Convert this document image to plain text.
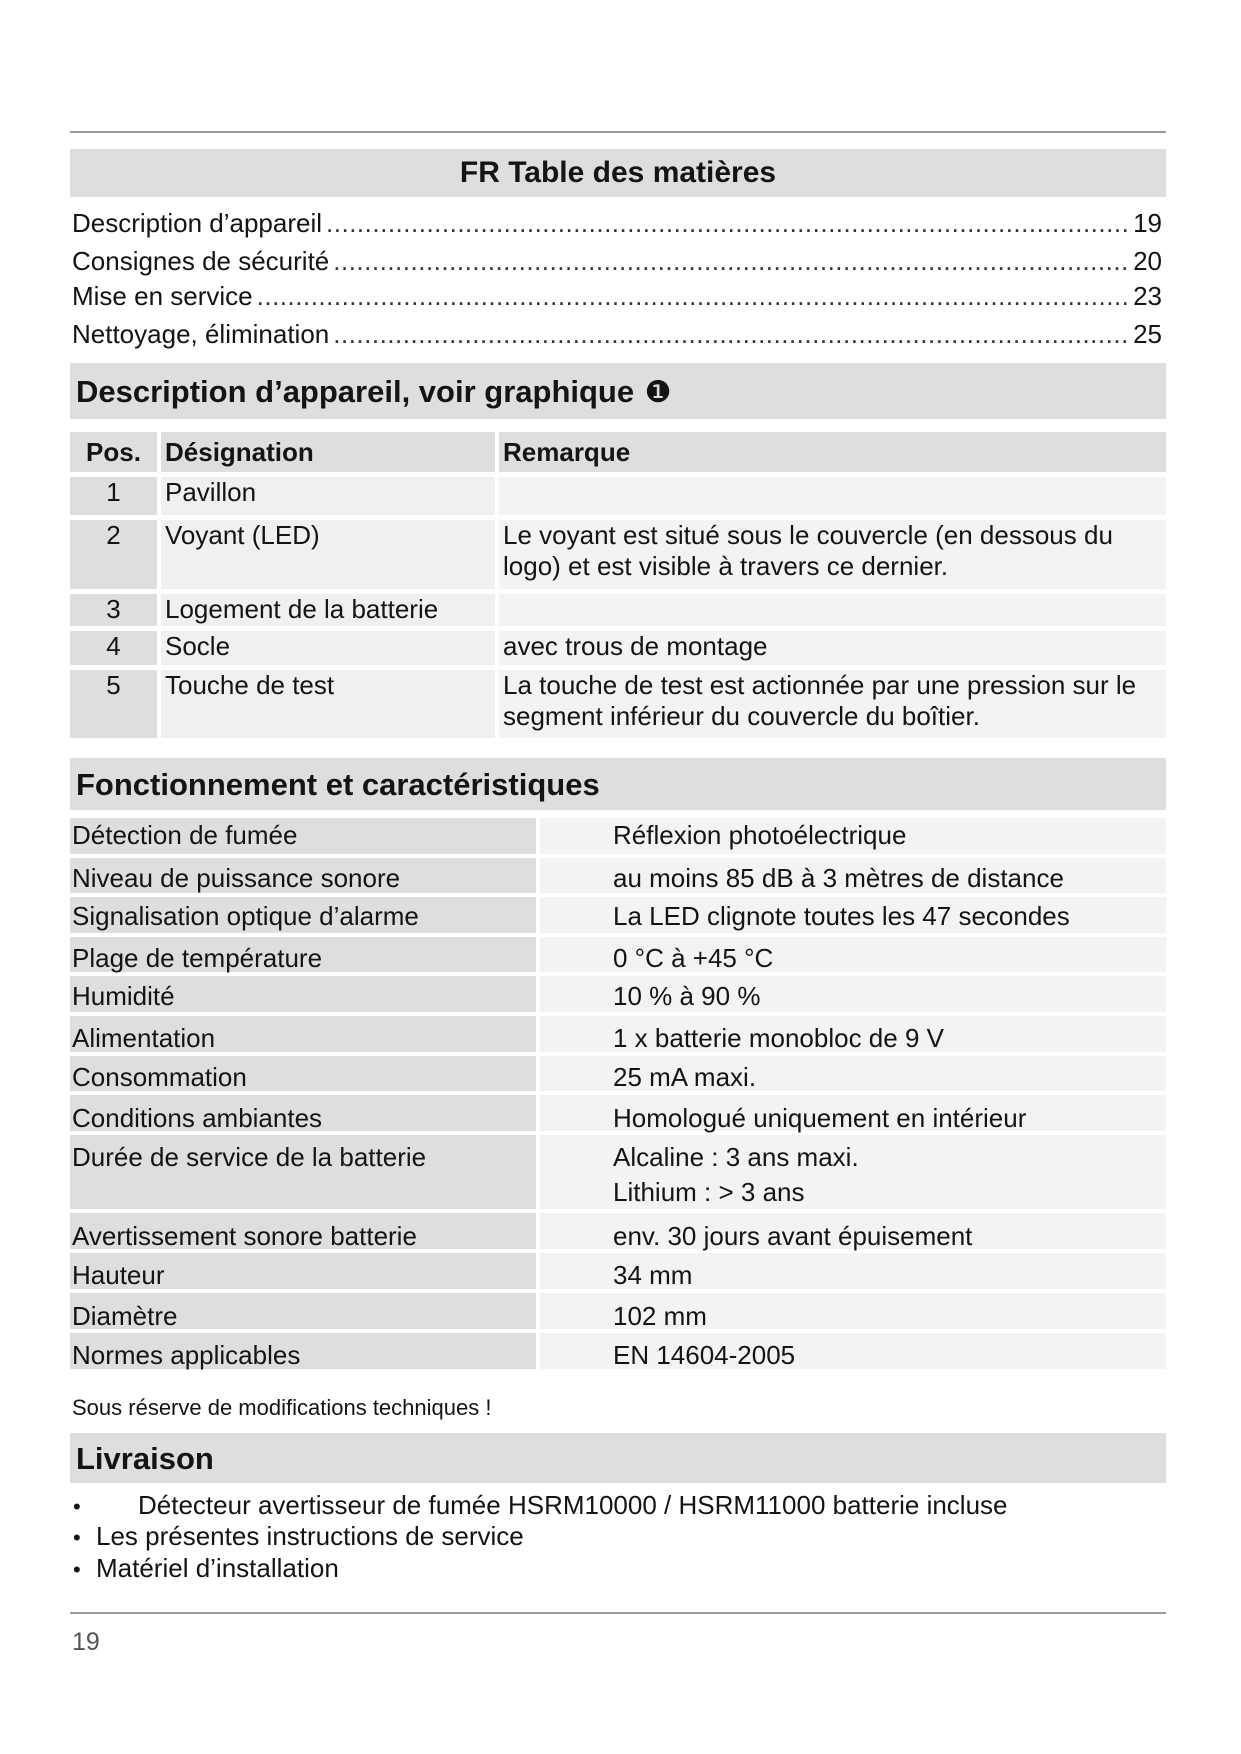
FR Table des matières
Description d’appareil .....	19
Consignes de sécurité .....	20
Mise en service .....	23
Nettoyage, élimination .....	25
Description d’appareil, voir graphique ❶
Pos.	Désignation	Remarque
1	Pavillon	
2	Voyant (LED)	Le voyant est situé sous le couvercle (en dessous du logo) et est visible à travers ce dernier.
3	Logement de la batterie	
4	Socle	avec trous de montage
5	Touche de test	La touche de test est actionnée par une pression sur le segment inférieur du couvercle du boîtier.
Fonctionnement et caractéristiques
Détection de fumée	Réflexion photoélectrique
Niveau de puissance sonore	au moins 85 dB à 3 mètres de distance
Signalisation optique d’alarme	La LED clignote toutes les 47 secondes
Plage de température	0 °C à +45 °C
Humidité	10 % à 90 %
Alimentation	1 x batterie monobloc de 9 V
Consommation	25 mA maxi.
Conditions ambiantes	Homologué uniquement en intérieur
Durée de service de la batterie	Alcaline : 3 ans maxi.
Lithium : > 3 ans
Avertissement sonore batterie	env. 30 jours avant épuisement
Hauteur	34 mm
Diamètre	102 mm
Normes applicables	EN 14604-2005
Sous réserve de modifications techniques !
Livraison
• Détecteur avertisseur de fumée HSRM10000 / HSRM11000 batterie incluse
• Les présentes instructions de service
• Matériel d’installation
19
